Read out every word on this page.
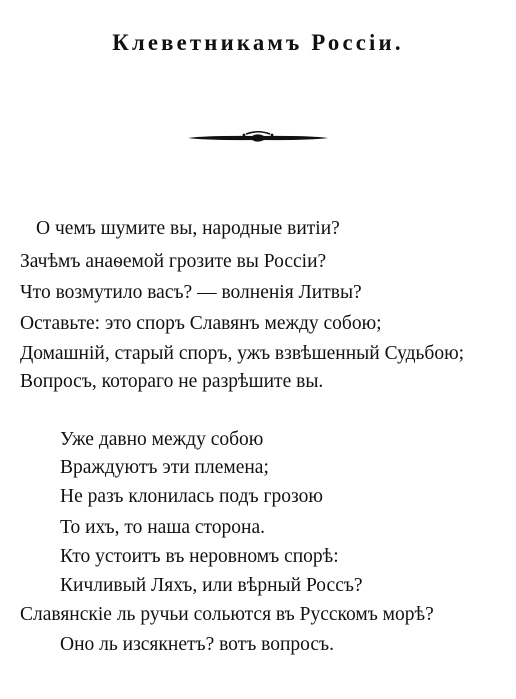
Клеветникамъ Россіи.
О чемъ шумите вы, народные витіи?
Зачѣмъ анаѳемой грозите вы Россіи?
Что возмутило васъ? — волненія Литвы?
Оставьте: это споръ Славянъ между собою;
Домашній, старый споръ, ужъ взвѣшенный Судьбою;
Вопросъ, котораго не разрѣшите вы.
Уже давно между собою
Враждуютъ эти племена;
Не разъ клонилась подъ грозою
То ихъ, то наша сторона.
Кто устоитъ въ неровномъ спорѣ:
Кичливый Ляхъ, или вѣрный Россъ?
Славянскіе ль ручьи сольются въ Русскомъ морѣ?
Оно ль изсякнетъ? вотъ вопросъ.
